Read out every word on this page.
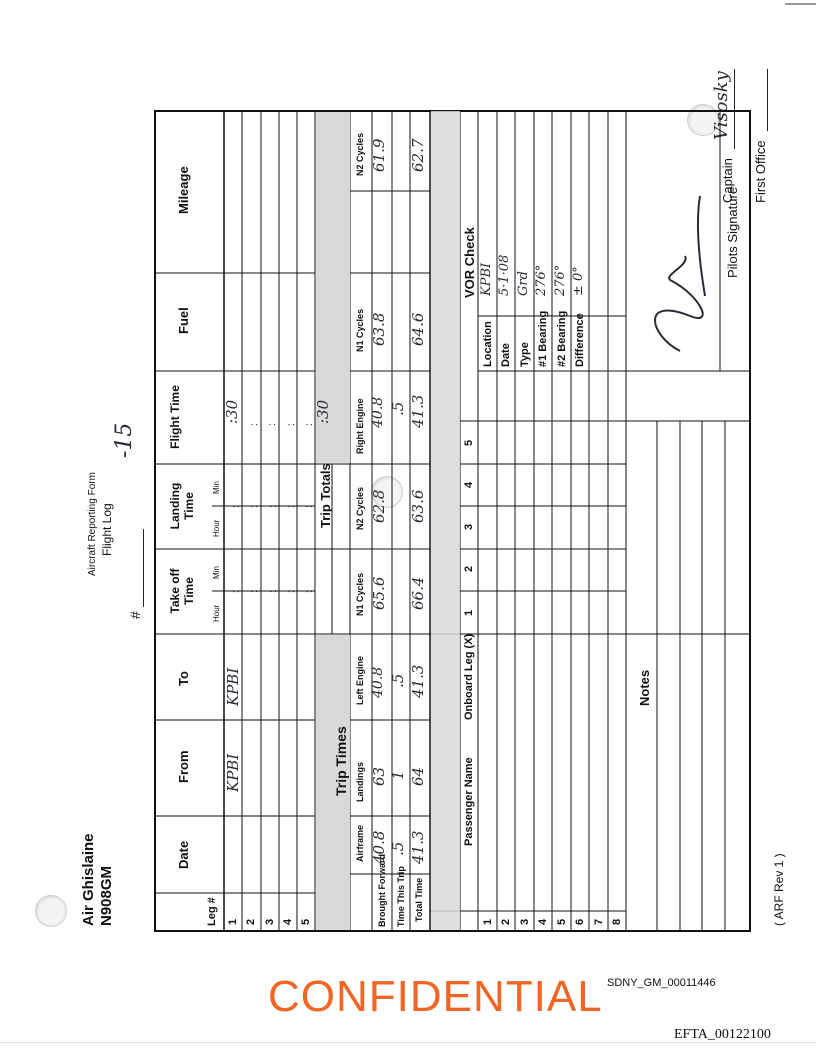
Air Ghislaine N908GM
Aircraft Reporting Form Flight Log
#
-15
Captain
Visoskу
First Office
Leg #
Date
From
To
Take off Time
Landing Time
Flight Time
Fuel
Mileage
Hour
Min
Hour
Min
1 2 3 4 5
KPBI
KPBI
:30
:
:
:
:
:
:
:
:
:
:
:
:
:
:
Trip Totals
:30
Trip Times
Airframe
Landings
Left Engine
N1 Cycles
N2 Cycles
Right Engine
N1 Cycles
N2 Cycles
Brought Forward Time This Trip Total Time
40.8
63
40.8
65.6
62.8
40.8
63.8
61.9
.5
1
.5
.5
41.3
64
41.3
66.4
63.6
41.3
64.6
62.7
Passenger Name
Onboard Leg (X)
1
2
3
4
5
1 2 3 4 5 6 7 8
Notes
VOR Check
Location Date Type #1 Bearing #2 Bearing Difference
KPBI 5·1·08 Grd 276° 276° ± 0°
Pilots Signature
( ARF Rev 1 )
CONFIDENTIAL SDNY_GM_00011446
EFTA_00122100
